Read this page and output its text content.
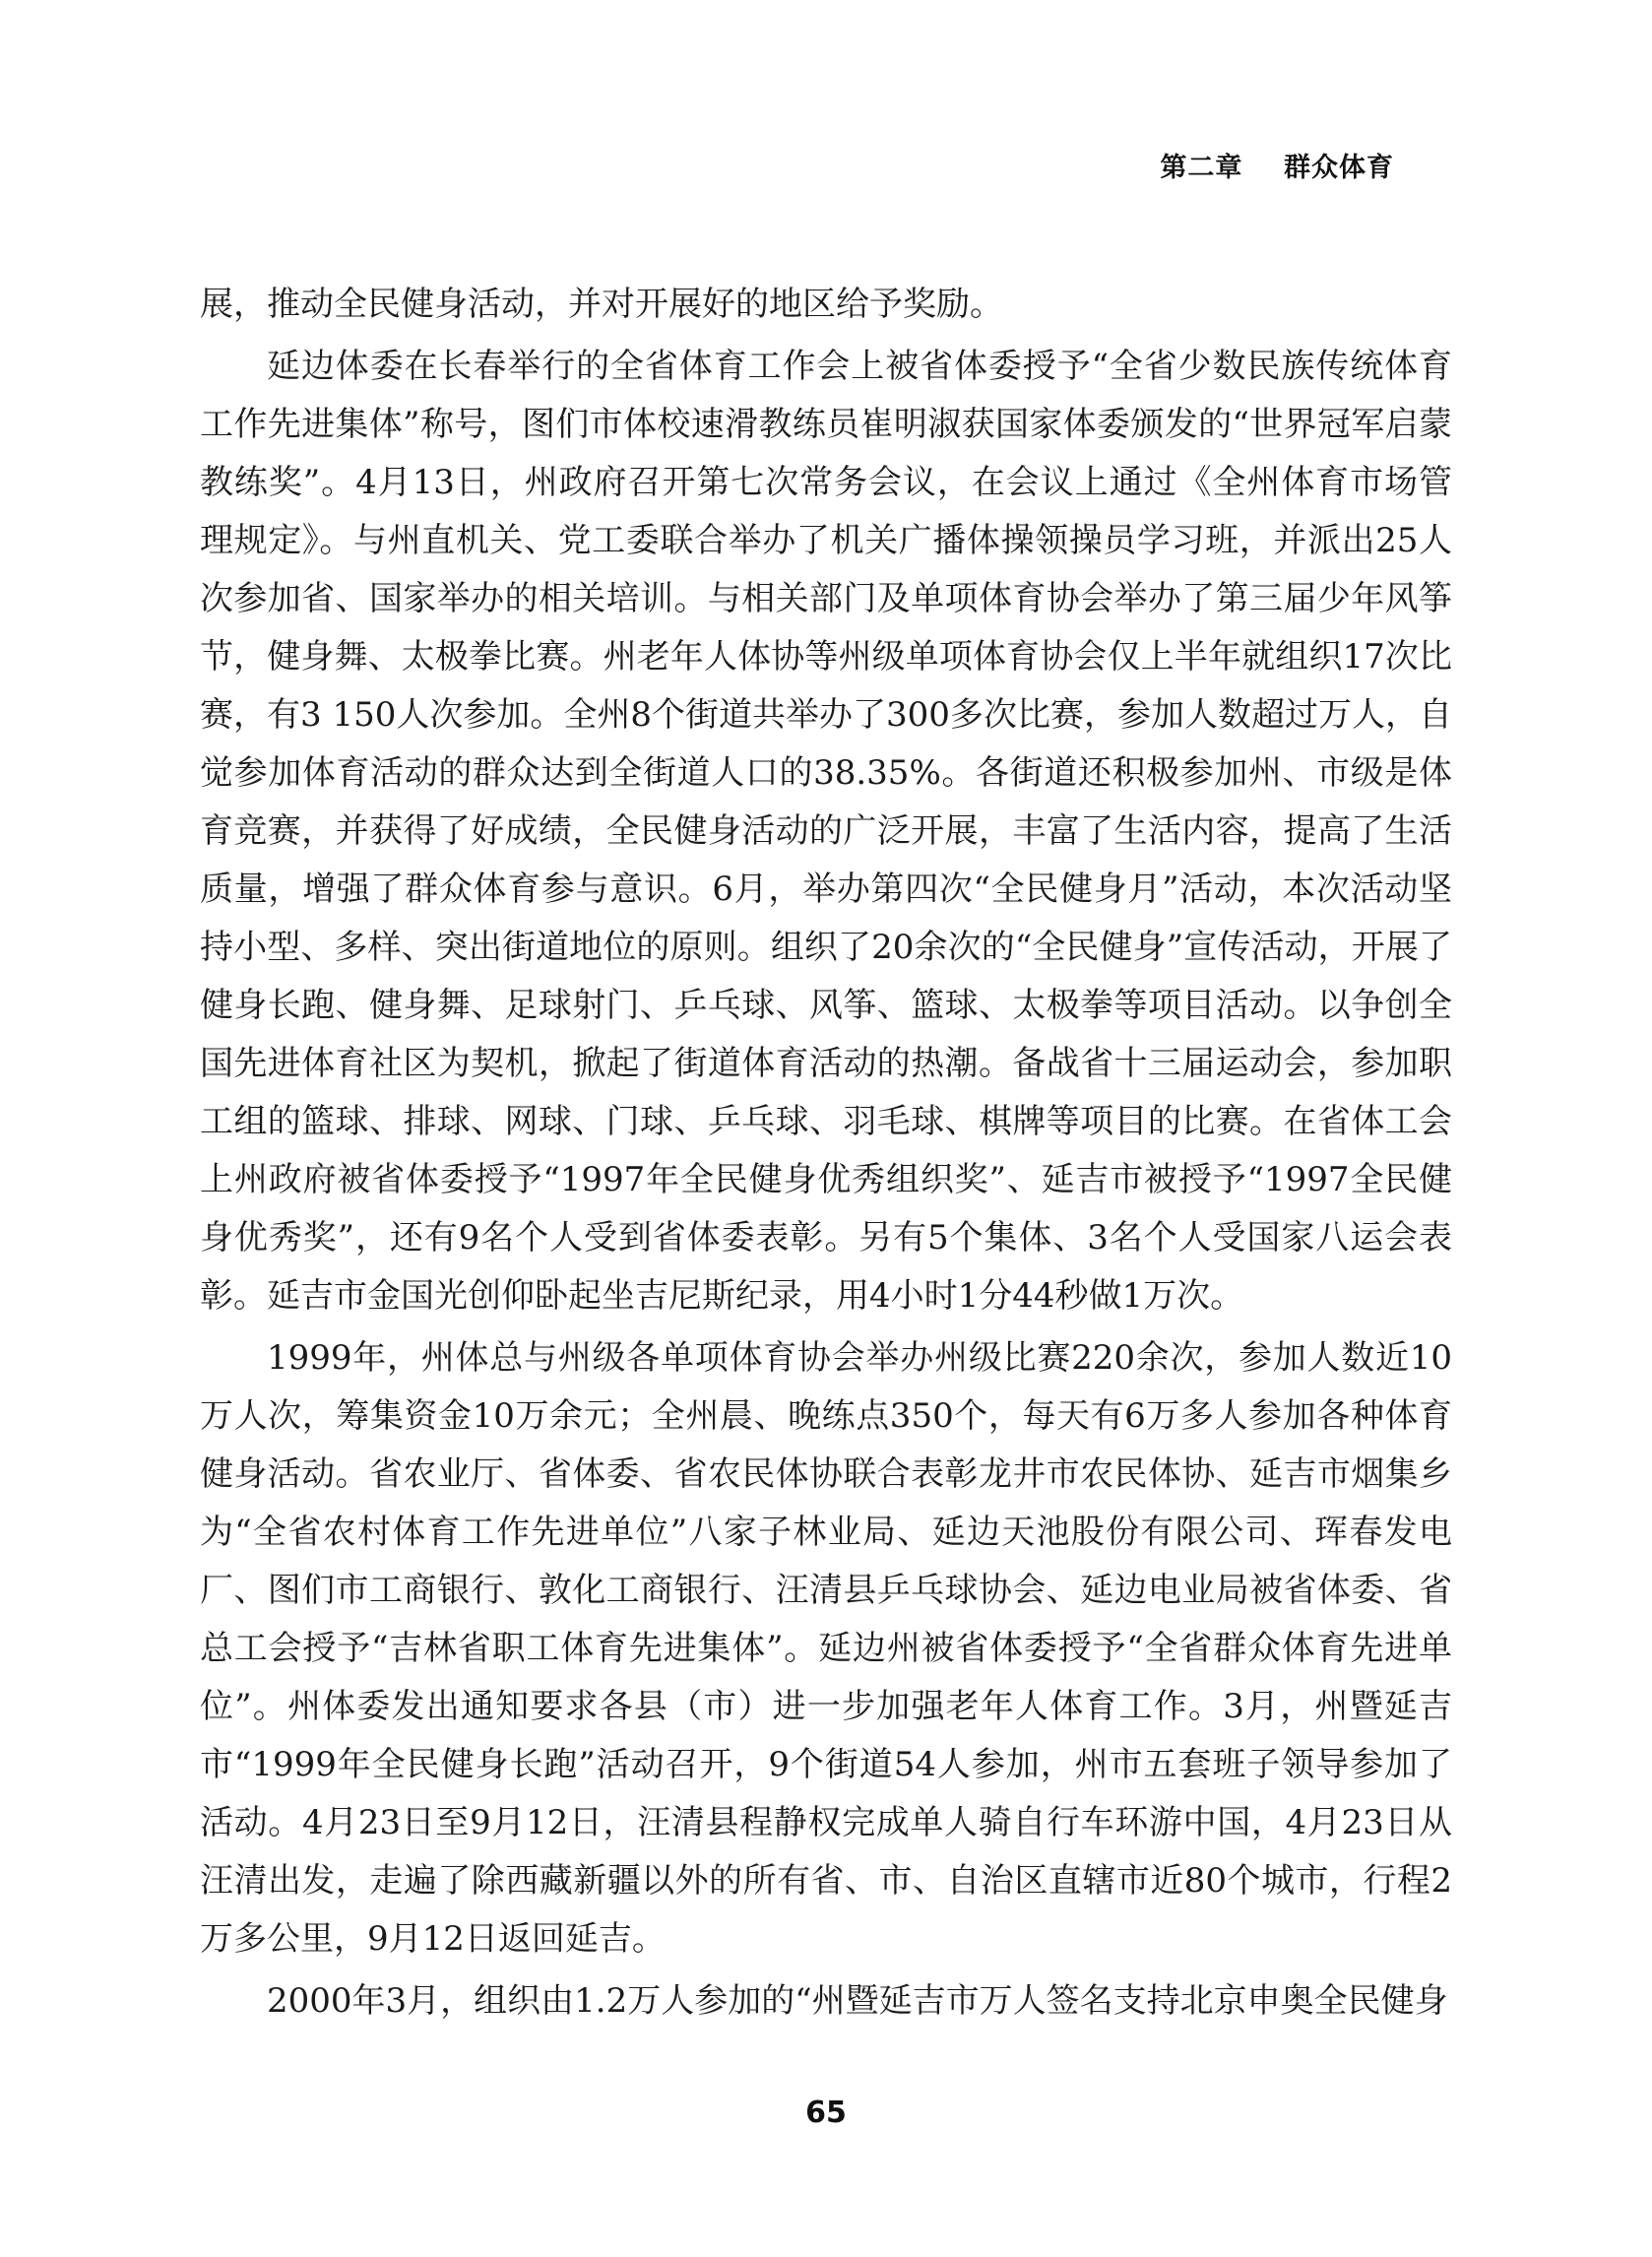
第二章    群众体育

展，推动全民健身活动，并对开展好的地区给予奖励。

延边体委在长春举行的全省体育工作会上被省体委授予“全省少数民族传统体育工作先进集体”称号，图们市体校速滑教练员崔明淑获国家体委颁发的“世界冠军启蒙教练奖”。4月13日，州政府召开第七次常务会议，在会议上通过《全州体育市场管理规定》。与州直机关、党工委联合举办了机关广播体操领操员学习班，并派出25人次参加省、国家举办的相关培训。与相关部门及单项体育协会举办了第三届少年风筝节，健身舞、太极拳比赛。州老年人体协等州级单项体育协会仅上半年就组织17次比赛，有3 150人次参加。全州8个街道共举办了300多次比赛，参加人数超过万人，自觉参加体育活动的群众达到全街道人口的38.35%。各街道还积极参加州、市级是体育竞赛，并获得了好成绩，全民健身活动的广泛开展，丰富了生活内容，提高了生活质量，增强了群众体育参与意识。6月，举办第四次“全民健身月”活动，本次活动坚持小型、多样、突出街道地位的原则。组织了20余次的“全民健身”宣传活动，开展了健身长跑、健身舞、足球射门、乒乓球、风筝、篮球、太极拳等项目活动。以争创全国先进体育社区为契机，掀起了街道体育活动的热潮。备战省十三届运动会，参加职工组的篮球、排球、网球、门球、乒乓球、羽毛球、棋牌等项目的比赛。在省体工会上州政府被省体委授予“1997年全民健身优秀组织奖”、延吉市被授予“1997全民健身优秀奖”，还有9名个人受到省体委表彰。另有5个集体、3名个人受国家八运会表彰。延吉市金国光创仰卧起坐吉尼斯纪录，用4小时1分44秒做1万次。

1999年，州体总与州级各单项体育协会举办州级比赛220余次，参加人数近10万人次，筹集资金10万余元；全州晨、晚练点350个，每天有6万多人参加各种体育健身活动。省农业厅、省体委、省农民体协联合表彰龙井市农民体协、延吉市烟集乡为“全省农村体育工作先进单位”八家子林业局、延边天池股份有限公司、珲春发电厂、图们市工商银行、敦化工商银行、汪清县乒乓球协会、延边电业局被省体委、省总工会授予“吉林省职工体育先进集体”。延边州被省体委授予“全省群众体育先进单位”。州体委发出通知要求各县（市）进一步加强老年人体育工作。3月，州暨延吉市“1999年全民健身长跑”活动召开，9个街道54人参加，州市五套班子领导参加了活动。4月23日至9月12日，汪清县程静权完成单人骑自行车环游中国，4月23日从汪清出发，走遍了除西藏新疆以外的所有省、市、自治区直辖市近80个城市，行程2万多公里，9月12日返回延吉。

2000年3月，组织由1.2万人参加的“州暨延吉市万人签名支持北京申奥全民健身

65
